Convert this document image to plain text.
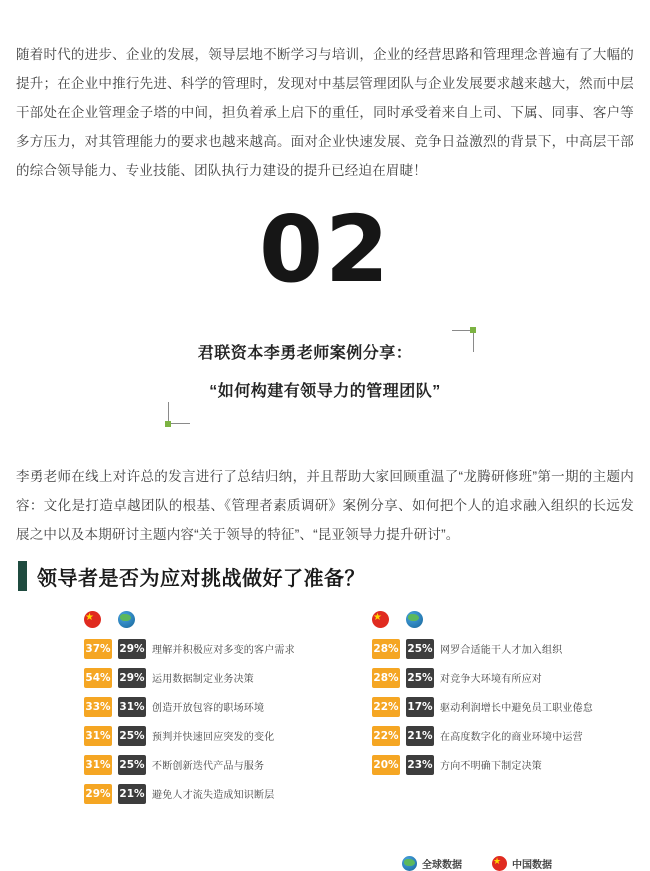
随着时代的进步、企业的发展，领导层地不断学习与培训，企业的经营思路和管理理念普遍有了大幅的提升；在企业中推行先进、科学的管理时，发现对中基层管理团队与企业发展要求越来越大，然而中层干部处在企业管理金子塔的中间，担负着承上启下的重任，同时承受着来自上司、下属、同事、客户等多方压力，对其管理能力的要求也越来越高。面对企业快速发展、竞争日益激烈的背景下，中高层干部的综合领导能力、专业技能、团队执行力建设的提升已经迫在眉睫！

02
君联资本李勇老师案例分享：
“如何构建有领导力的管理团队”

李勇老师在线上对许总的发言进行了总结归纳，并且帮助大家回顾重温了“龙腾研修班”第一期的主题内容：文化是打造卓越团队的根基、《管理者素质调研》案例分享、如何把个人的追求融入组织的长远发展之中以及本期研讨主题内容“关于领导的特征”、“昆亚领导力提升研讨”。

领导者是否为应对挑战做好了准备？
★
37% 29% 理解并积极应对多变的客户需求
54% 29% 运用数据制定业务决策
33% 31% 创造开放包容的职场环境
31% 25% 预判并快速回应突发的变化
31% 25% 不断创新迭代产品与服务
29% 21% 避免人才流失造成知识断层
★
28% 25% 网罗合适能干人才加入组织
28% 25% 对竞争大环境有所应对
22% 17% 驱动利润增长中避免员工职业倦怠
22% 21% 在高度数字化的商业环境中运营
20% 23% 方向不明确下制定决策
全球数据 ★	中国数据
